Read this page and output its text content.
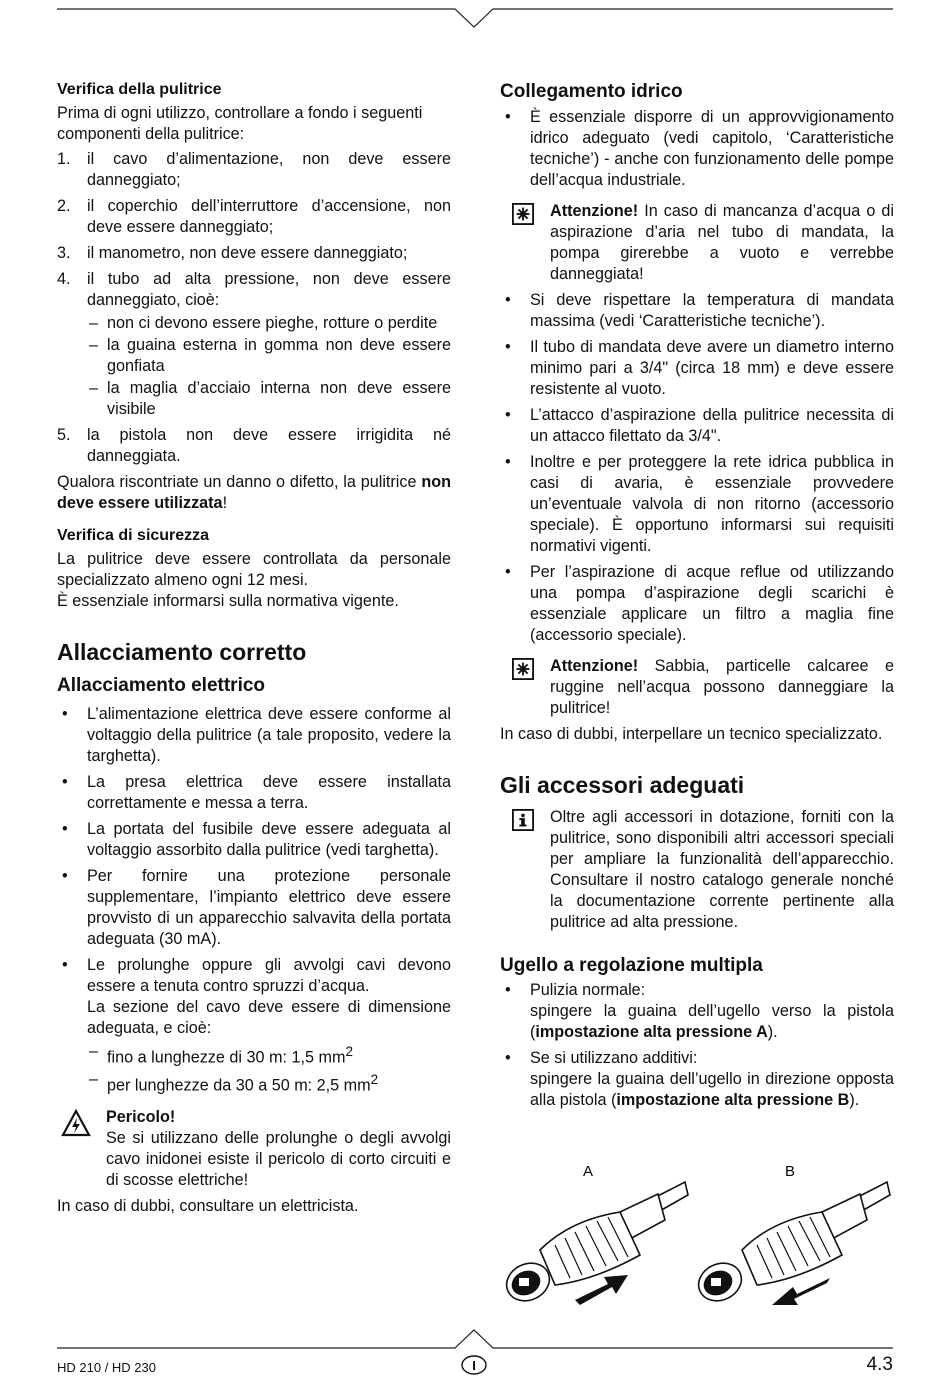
Verifica della pulitrice

Prima di ogni utilizzo, controllare a fondo i seguenti componenti della pulitrice:

1. il cavo d’alimentazione, non deve essere danneggiato;
2. il coperchio dell’interruttore d’accensione, non deve essere danneggiato;
3. il manometro, non deve essere danneggiato;
4. il tubo ad alta pressione, non deve essere danneggiato, cioè:
– non ci devono essere pieghe, rotture o perdite
– la guaina esterna in gomma non deve essere gonfiata
– la maglia d’acciaio interna non deve essere visibile
5. la pistola non deve essere irrigidita né danneggiata.

Qualora riscontriate un danno o difetto, la pulitrice non deve essere utilizzata!

Verifica di sicurezza

La pulitrice deve essere controllata da personale specializzato almeno ogni 12 mesi.

È essenziale informarsi sulla normativa vigente.

Allacciamento corretto
Allacciamento elettrico
• L’alimentazione elettrica deve essere conforme al voltaggio della pulitrice (a tale proposito, vedere la targhetta).
• La presa elettrica deve essere installata correttamente e messa a terra.
• La portata del fusibile deve essere adeguata al voltaggio assorbito dalla pulitrice (vedi targhetta).
• Per fornire una protezione personale supplementare, l’impianto elettrico deve essere provvisto di un apparecchio salvavita della portata adeguata (30 mA).
• Le prolunghe oppure gli avvolgi cavi devono essere a tenuta contro spruzzi d’acqua.
La sezione del cavo deve essere di dimensione adeguata, e cioè:
– fino a lunghezze di 30 m: 1,5 $mm^2$
– per lunghezze da 30 a 50 m: 2,5 $mm^2$
Pericolo!
Se si utilizzano delle prolunghe o degli avvolgi cavo inidonei esiste il pericolo di corto circuiti e di scosse elettriche!

In caso di dubbi, consultare un elettricista.

Collegamento idrico
• È essenziale disporre di un approvvigionamento idrico adeguato (vedi capitolo, ‘Caratteristiche tecniche’) - anche con funzionamento delle pompe dell’acqua industriale.
Attenzione! In caso di mancanza d’acqua o di aspirazione d’aria nel tubo di mandata, la pompa girerebbe a vuoto e verrebbe danneggiata!
• Si deve rispettare la temperatura di mandata massima (vedi ‘Caratteristiche tecniche’).
• Il tubo di mandata deve avere un diametro interno minimo pari a 3/4" (circa 18 mm) e deve essere resistente al vuoto.
• L’attacco d’aspirazione della pulitrice necessita di un attacco filettato da 3/4".
• Inoltre e per proteggere la rete idrica pubblica in casi di avaria, è essenziale provvedere un’eventuale valvola di non ritorno (accessorio speciale). È opportuno informarsi sui requisiti normativi vigenti.
• Per l’aspirazione di acque reflue od utilizzando una pompa d’aspirazione degli scarichi è essenziale applicare un filtro a maglia fine (accessorio speciale).
Attenzione! Sabbia, particelle calcaree e ruggine nell’acqua possono danneggiare la pulitrice!

In caso di dubbi, interpellare un tecnico specializzato.

Gli accessori adeguati
Oltre agli accessori in dotazione, forniti con la pulitrice, sono disponibili altri accessori speciali per ampliare la funzionalità dell’apparecchio. Consultare il nostro catalogo generale nonché la documentazione corrente pertinente alla pulitrice ad alta pressione.
Ugello a regolazione multipla
• Pulizia normale:
spingere la guaina dell’ugello verso la pistola (impostazione alta pressione A).
• Se si utilizzano additivi:
spingere la guaina dell’ugello in direzione opposta alla pistola (impostazione alta pressione B).
A	B
I
HD 210 / HD 230	4.3
